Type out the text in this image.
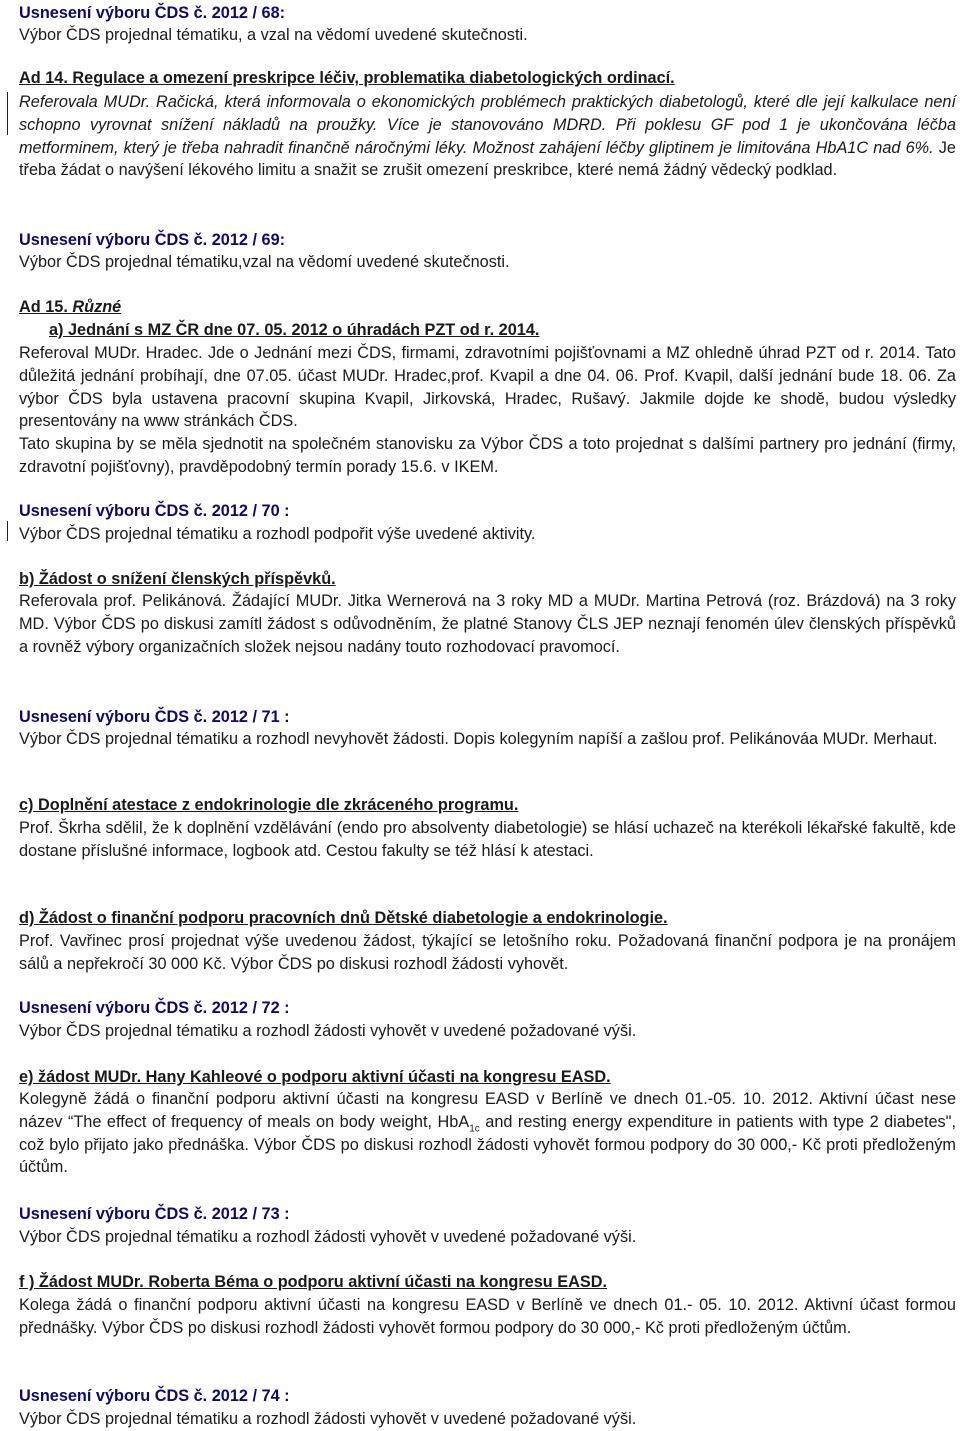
Usnesení výboru ČDS č. 2012 / 68:
Výbor ČDS projednal tématiku, a vzal na vědomí uvedené skutečnosti.
Ad 14. Regulace a omezení preskripce léčiv, problematika diabetologických ordinací.
Referovala MUDr. Račická, která informovala o ekonomických problémech praktických diabetologů, které dle její kalkulace není schopno vyrovnat snížení nákladů na proužky. Více je stanovováno MDRD. Při poklesu GF pod 1 je ukončována léčba metforminem, který je třeba nahradit finančně náročnými léky. Možnost zahájení léčby gliptinem je limitována HbA1C nad 6%. Je třeba žádat o navýšení lékového limitu a snažit se zrušit omezení preskribce, které nemá žádný vědecký podklad.
Usnesení výboru ČDS č. 2012 / 69:
Výbor ČDS projednal tématiku,vzal na vědomí uvedené skutečnosti.
Ad 15. Různé
a) Jednání s MZ ČR dne 07. 05. 2012 o úhradách PZT od r. 2014.
Referoval MUDr. Hradec. Jde o Jednání mezi ČDS, firmami, zdravotními pojišťovnami a MZ ohledně úhrad PZT od r. 2014. Tato důležitá jednání probíhají, dne 07.05. účast MUDr. Hradec,prof. Kvapil a dne 04. 06. Prof. Kvapil, další jednání bude 18. 06. Za výbor ČDS byla ustavena pracovní skupina Kvapil, Jirkovská, Hradec, Rušavý. Jakmile dojde ke shodě, budou výsledky presentovány na www stránkách ČDS.
Tato skupina by se měla sjednotit na společném stanovisku za Výbor ČDS a toto projednat s dalšími partnery pro jednání (firmy, zdravotní pojišťovny), pravděpodobný termín porady 15.6. v IKEM.
Usnesení výboru ČDS č. 2012 / 70 :
Výbor ČDS projednal tématiku a rozhodl podpořit výše uvedené aktivity.
b) Žádost o snížení členských příspěvků.
Referovala prof. Pelikánová. Žádající MUDr. Jitka Wernerová na 3 roky MD a MUDr. Martina Petrová (roz. Brázdová) na 3 roky MD. Výbor ČDS po diskusi zamítl žádost s odůvodněním, že platné Stanovy ČLS JEP neznají fenomén úlev členských příspěvků a rovněž výbory organizačních složek nejsou nadány touto rozhodovací pravomocí.
Usnesení výboru ČDS č. 2012 / 71 :
Výbor ČDS projednal tématiku a rozhodl nevyhovět žádosti. Dopis kolegyním napíší a zašlou prof. Pelikánováa MUDr. Merhaut.
c) Doplnění atestace z endokrinologie dle zkráceného programu.
Prof. Škrha sdělil, že k doplnění vzdělávání (endo pro absolventy diabetologie) se hlásí uchazeč na kterékoli lékařské fakultě, kde dostane příslušné informace, logbook atd. Cestou fakulty se též hlásí k atestaci.
d) Žádost o finanční podporu pracovních dnů Dětské diabetologie a endokrinologie.
Prof. Vavřinec prosí projednat výše uvedenou žádost, týkající se letošního roku. Požadovaná finanční podpora je na pronájem sálů a nepřekročí 30 000 Kč. Výbor ČDS po diskusi rozhodl žádosti vyhovět.
Usnesení výboru ČDS č. 2012 / 72 :
Výbor ČDS projednal tématiku a rozhodl žádosti vyhovět v uvedené požadované výši.
e) žádost MUDr. Hany Kahleové o podporu aktivní účasti na kongresu EASD.
Kolegyně žádá o finanční podporu aktivní účasti na kongresu EASD v Berlíně ve dnech 01.-05. 10. 2012. Aktivní účast nese název “The effect of frequency of meals on body weight, HbA$_{1c}$ and resting energy expenditure in patients with type 2 diabetes", což bylo přijato jako přednáška. Výbor ČDS po diskusi rozhodl žádosti vyhovět formou podpory do 30 000,- Kč proti předloženým účtům.
Usnesení výboru ČDS č. 2012 / 73 :
Výbor ČDS projednal tématiku a rozhodl žádosti vyhovět v uvedené požadované výši.
f ) Žádost MUDr. Roberta Béma o podporu aktivní účasti na kongresu EASD.
Kolega žádá o finanční podporu aktivní účasti na kongresu EASD v Berlíně ve dnech 01.- 05. 10. 2012. Aktivní účast formou přednášky. Výbor ČDS po diskusi rozhodl žádosti vyhovět formou podpory do 30 000,- Kč proti předloženým účtům.
Usnesení výboru ČDS č. 2012 / 74 :
Výbor ČDS projednal tématiku a rozhodl žádosti vyhovět v uvedené požadované výši.
